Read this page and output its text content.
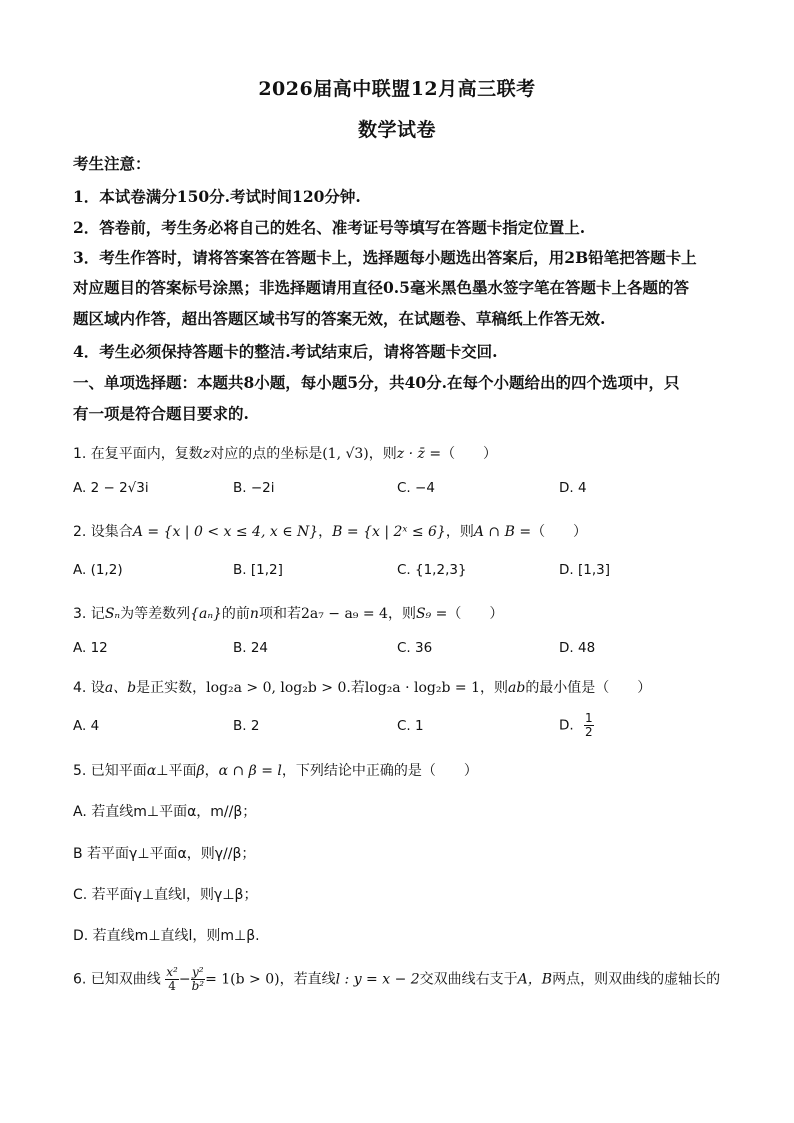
2026届高中联盟12月高三联考
数学试卷
考生注意：
1．本试卷满分150分.考试时间120分钟.
2．答卷前，考生务必将自己的姓名、准考证号等填写在答题卡指定位置上.
3．考生作答时，请将答案答在答题卡上，选择题每小题选出答案后，用2B铅笔把答题卡上
对应题目的答案标号涂黑；非选择题请用直径0.5毫米黑色墨水签字笔在答题卡上各题的答
题区域内作答，超出答题区域书写的答案无效，在试题卷、草稿纸上作答无效.
4．考生必须保持答题卡的整洁.考试结束后，请将答题卡交回.
一、单项选择题：本题共8小题，每小题5分，共40分.在每个小题给出的四个选项中，只
有一项是符合题目要求的.
1. 在复平面内，复数z对应的点的坐标是(1, √3)，则z · z̄ =（　　）
A. 2 − 2√3i	B. −2i	C. −4	D. 4
2. 设集合A = {x | 0 < x ≤ 4, x ∈ N}，B = {x | 2ˣ ≤ 6}，则A ∩ B =（　　）
A. (1,2)	B. [1,2]	C. {1,2,3}	D. [1,3]
3. 记Sₙ为等差数列{aₙ}的前n项和若2a₇ − a₉ = 4，则S₉ =（　　）
A. 12	B. 24	C. 36	D. 48
4. 设a、b是正实数，log₂a > 0, log₂b > 0.若log₂a · log₂b = 1，则ab的最小值是（　　）
A. 4	B. 2	C. 1	D. $\frac{1}{2}$
5. 已知平面α⊥平面β，α ∩ β = l，下列结论中正确的是（　　）
A. 若直线m⊥平面α，m//β；
B 若平面γ⊥平面α，则γ//β；
C. 若平面γ⊥直线l，则γ⊥β；
D. 若直线m⊥直线l，则m⊥β.
6. 已知双曲线 $\frac{\text{x²}}{4} - \frac{\text{y²}}{\text{b²}} = 1(b > 0)$，若直线l : y = x − 2交双曲线右支于A，B两点，则双曲线的虚轴长的
